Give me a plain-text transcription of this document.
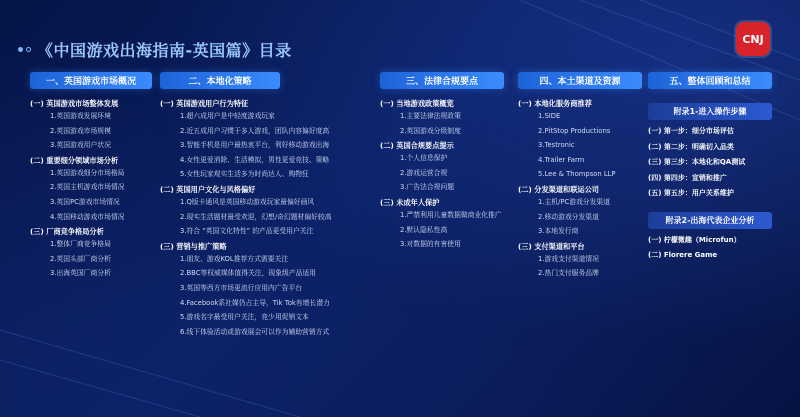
CNJ
《中国游戏出海指南-英国篇》目录
一、英国游戏市场概况
(一) 英国游戏市场整体发展
1.英国游戏发展环境
2.英国游戏市场规模
3.英国游戏用户状况
(二) 重要细分领域市场分析
1.英国游戏细分市场格局
2.英国主机游戏市场情况
3.英国PC游戏市场情况
4.英国移动游戏市场情况
(三) 厂商竞争格局分析
1.整体厂商竞争格局
2.英国头部厂商分析
3.出海英国厂商分析
二、本地化策略
(一) 英国游戏用户行为特征
1.超六成用户是中轻度游戏玩家
2.近五成用户习惯于多人游戏，团队内容偏好度高
3.智能手机是用户最热衷平台，利好移动游戏出海
4.女性更爱消除、生活模拟，男性更爱竞技、策略
5.女性玩家观实生活多为时尚达人、购物狂
(二) 英国用户文化与风格偏好
1.Q版卡通风是英国移动游戏玩家最偏好画风
2.现实生活题材最受欢迎，幻想/奇幻题材偏好较高
3.符合 “英国文化特性” 的产品更受用户关注
(三) 营销与推广策略
1.朋友、游戏KOL推荐方式需要关注
2.BBC等权威媒体值得关注，现象级产品适用
3.英国等西方市场更流行应用内广告平台
4.Facebook系社媒仍占主导，Tik Tok有增长潜力
5.游戏名字最受用户关注，竞少用促销文本
6.线下体验活动或游戏展会可以作为辅助营销方式
三、法律合规要点
(一) 当地游戏政策概览
1.主要法律法规政策
2.英国游戏分级制度
(二) 英国合规要点提示
1.个人信息保护
2.游戏运营合规
3.广告法合规问题
(三) 未成年人保护
1.严禁利用儿童数据做商业化推广
2.默认隐私性高
3.对数据的有害使用
四、本土渠道及资源
(一) 本地化服务商推荐
1.SIDE
2.PitStop Productions
3.Testronic
4.Trailer Farm
5.Lee & Thompson LLP
(二) 分发渠道和联运公司
1.主机/PC游戏分发渠道
2.移动游戏分发渠道
3.本地发行商
(三) 支付渠道和平台
1.游戏支付渠道情况
2.热门支付服务品牌
五、整体回顾和总结
附录1-进入操作步骤
(一) 第一步：细分市场评估
(二) 第二步：明确切入品类
(三) 第三步：本地化和QA测试
(四) 第四步：宣销和推广
(五) 第五步：用户关系维护
附录2-出海代表企业分析
(一) 柠檬微趣（Microfun）
(二) Florere Game
